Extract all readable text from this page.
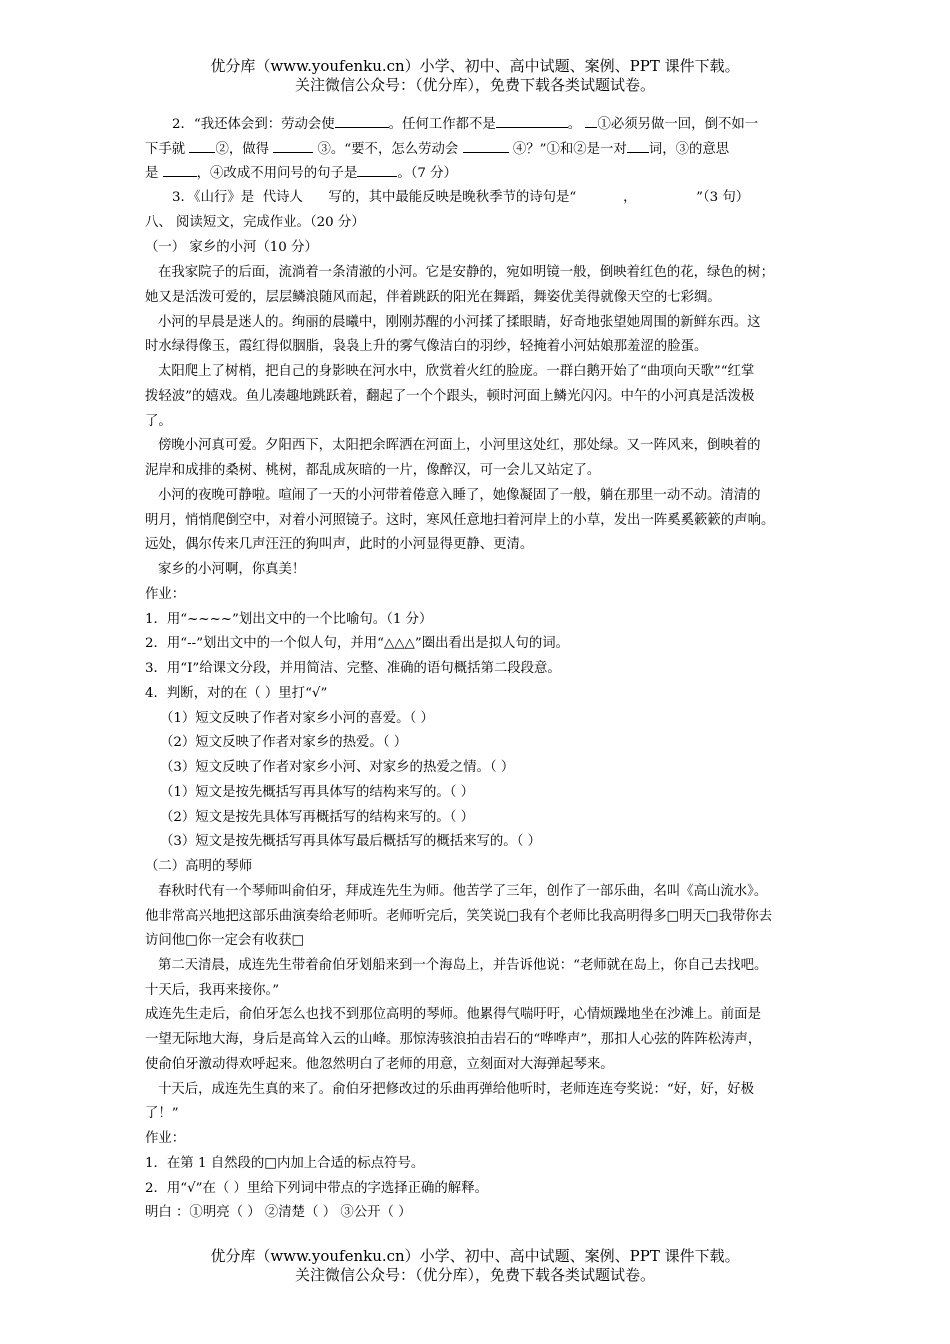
优分库（www.youfenku.cn）小学、初中、高中试题、案例、PPT 课件下载。
关注微信公众号：（优分库），免费下载各类试题试卷。
2．“我还体会到：劳动会使	。任何工作都不是	。 ①必须另做一回，倒不如一
下手就 ②，做得	③。“要不，怎么劳动会	④？”①和②是一对 词，③的意思
是	，④改成不用问号的句子是	。（7 分）
3．《山行》是 代诗人 写的，其中最能反映是晚秋季节的诗句是“	，	”（3 句）
八、 阅读短文，完成作业。（20 分）
（一） 家乡的小河（10 分）
在我家院子的后面，流淌着一条清澈的小河。它是安静的，宛如明镜一般，倒映着红色的花，绿色的树；
她又是活泼可爱的，层层鳞浪随风而起，伴着跳跃的阳光在舞蹈，舞姿优美得就像天空的七彩绸。
小河的早晨是迷人的。绚丽的晨曦中，刚刚苏醒的小河揉了揉眼睛，好奇地张望她周围的新鲜东西。这
时水绿得像玉，霞红得似胭脂，袅袅上升的雾气像洁白的羽纱，轻掩着小河姑娘那羞涩的脸蛋。
太阳爬上了树梢，把自己的身影映在河水中，欣赏着火红的脸庞。一群白鹅开始了“曲项向天歌”“红掌
拨轻波”的嬉戏。鱼儿凑趣地跳跃着，翻起了一个个跟头，顿时河面上鳞光闪闪。中午的小河真是活泼极
了。
傍晚小河真可爱。夕阳西下，太阳把余晖洒在河面上，小河里这处红，那处绿。又一阵风来，倒映着的
泥岸和成排的桑树、桃树，都乱成灰暗的一片，像醉汉，可一会儿又站定了。
小河的夜晚可静啦。喧闹了一天的小河带着倦意入睡了，她像凝固了一般，躺在那里一动不动。清清的
明月，悄悄爬倒空中，对着小河照镜子。这时，寒风任意地扫着河岸上的小草，发出一阵奚奚簌簌的声响。
远处，偶尔传来几声汪汪的狗叫声，此时的小河显得更静、更清。
家乡的小河啊，你真美！
作业：
1．用“~~~~”划出文中的一个比喻句。（1 分）
2．用“--”划出文中的一个似人句，并用“△△△”圈出看出是拟人句的词。
3．用“Ⅰ”给课文分段，并用简洁、完整、准确的语句概括第二段段意。
4．判断，对的在（ ）里打“√”
（1）短文反映了作者对家乡小河的喜爱。（ ）
（2）短文反映了作者对家乡的热爱。（ ）
（3）短文反映了作者对家乡小河、对家乡的热爱之情。（ ）
（1）短文是按先概括写再具体写的结构来写的。（ ）
（2）短文是按先具体写再概括写的结构来写的。（ ）
（3）短文是按先概括写再具体写最后概括写的概括来写的。（ ）
（二）高明的琴师
春秋时代有一个琴师叫俞伯牙，拜成连先生为师。他苦学了三年，创作了一部乐曲，名叫《高山流水》。
他非常高兴地把这部乐曲演奏给老师听。老师听完后，笑笑说□我有个老师比我高明得多□明天□我带你去
访问他□你一定会有收获□
第二天清晨，成连先生带着俞伯牙划船来到一个海岛上，并告诉他说：“老师就在岛上，你自己去找吧。
十天后，我再来接你。”
成连先生走后，俞伯牙怎么也找不到那位高明的琴师。他累得气喘吁吁，心情烦躁地坐在沙滩上。前面是
一望无际地大海，身后是高耸入云的山峰。那惊涛骇浪拍击岩石的“哗哗声”，那扣人心弦的阵阵松涛声，
使俞伯牙激动得欢呼起来。他忽然明白了老师的用意，立刻面对大海弹起琴来。
十天后，成连先生真的来了。俞伯牙把修改过的乐曲再弹给他听时，老师连连夸奖说：“好，好，好极
了！”
作业：
1．在第 1 自然段的□内加上合适的标点符号。
2．用“√”在（ ）里给下列词中带点的字选择正确的解释。
明白 ：①明亮（ ） ②清楚（ ） ③公开（ ）
优分库（www.youfenku.cn）小学、初中、高中试题、案例、PPT 课件下载。
关注微信公众号：（优分库），免费下载各类试题试卷。
